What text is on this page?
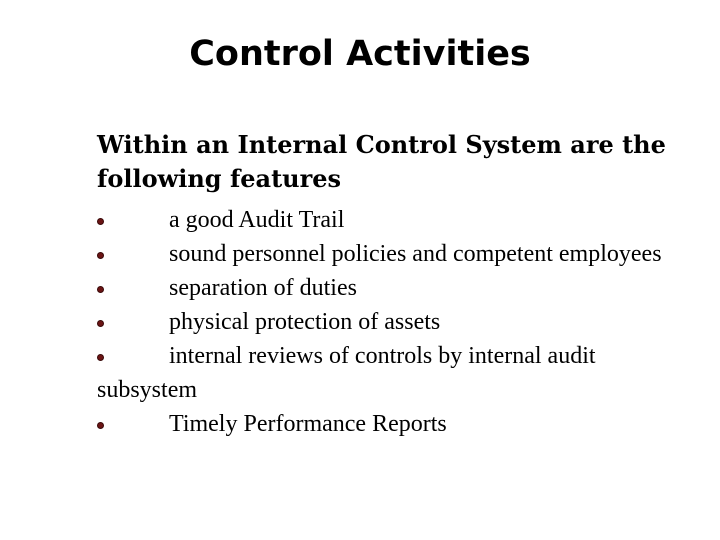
Control Activities
Within an Internal Control System are the following features
a good Audit Trail
sound personnel policies and competent employees
separation of duties
physical protection of assets
internal reviews of controls by internal audit subsystem
Timely Performance Reports
